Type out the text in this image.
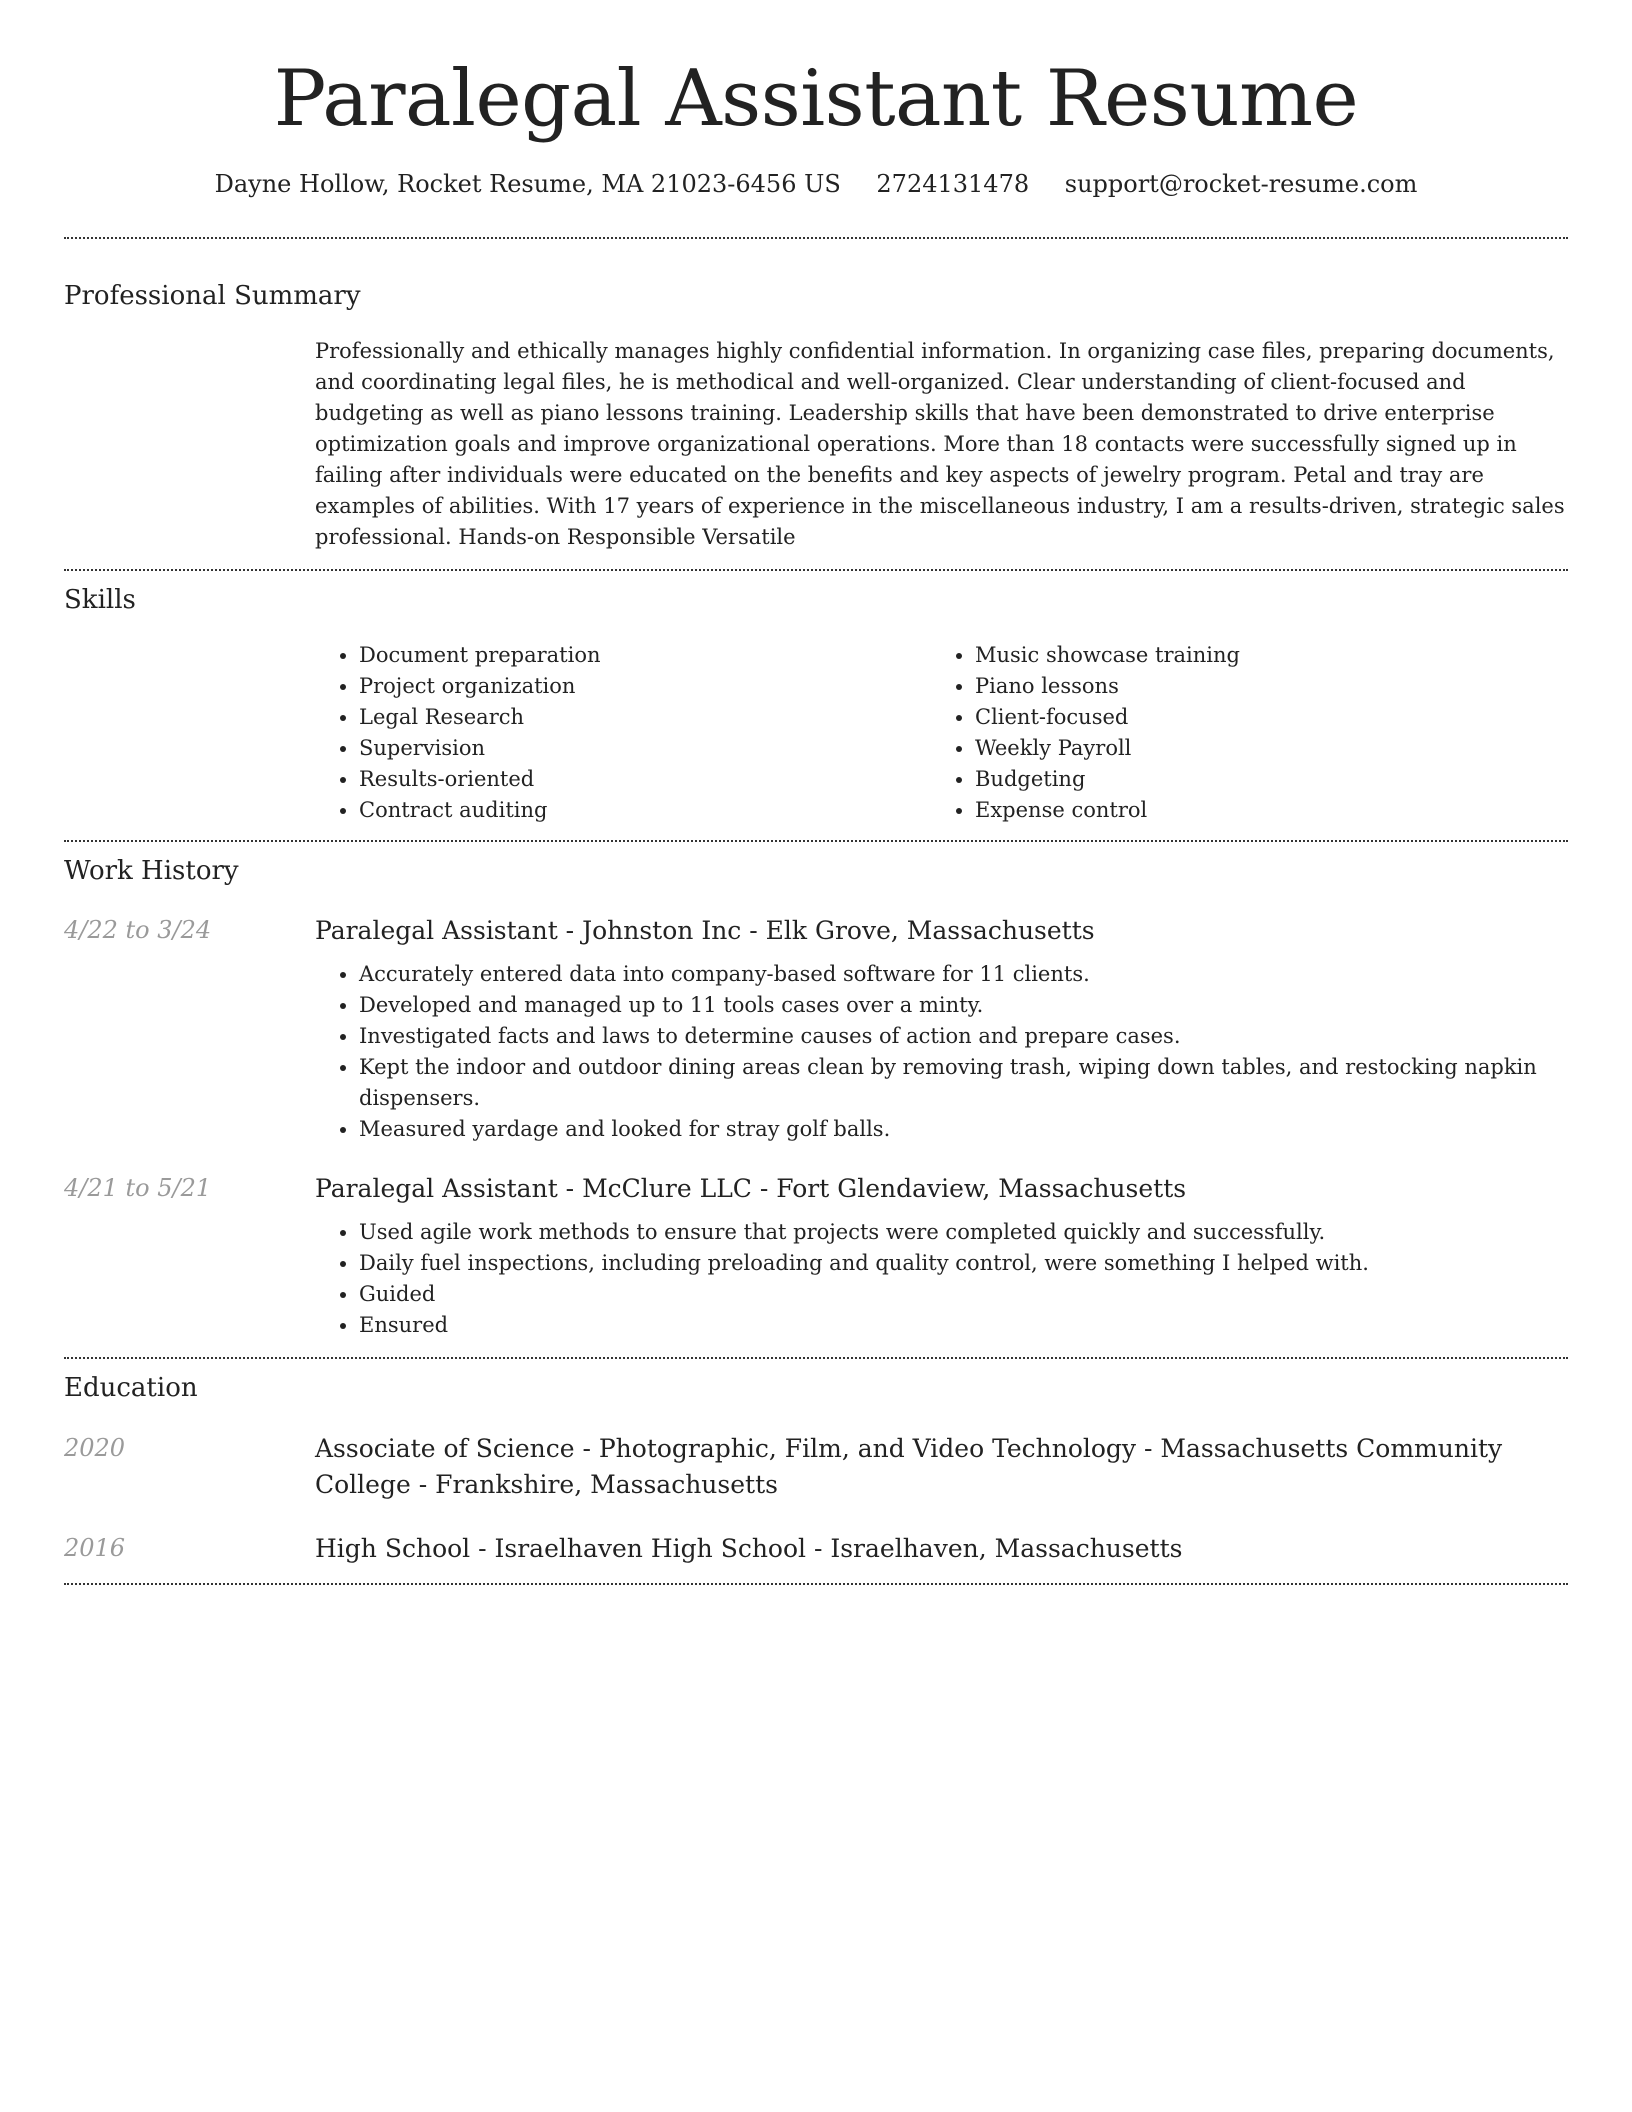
Paralegal Assistant Resume
Dayne Hollow, Rocket Resume, MA 21023-6456 US 2724131478 support@rocket-resume.com
Professional Summary

Professionally and ethically manages highly confidential information. In organizing case files, preparing documents, and coordinating legal files, he is methodical and well-organized. Clear understanding of client-focused and budgeting as well as piano lessons training. Leadership skills that have been demonstrated to drive enterprise optimization goals and improve organizational operations. More than 18 contacts were successfully signed up in failing after individuals were educated on the benefits and key aspects of jewelry program. Petal and tray are examples of abilities. With 17 years of experience in the miscellaneous industry, I am a results-driven, strategic sales professional. Hands-on Responsible Versatile

Skills
• Document preparation
• Project organization
• Legal Research
• Supervision
• Results-oriented
• Contract auditing
• Music showcase training
• Piano lessons
• Client-focused
• Weekly Payroll
• Budgeting
• Expense control
Work History
4/22 to 3/24	Paralegal Assistant - Johnston Inc - Elk Grove, Massachusetts
• Accurately entered data into company-based software for 11 clients.
• Developed and managed up to 11 tools cases over a minty.
• Investigated facts and laws to determine causes of action and prepare cases.
• Kept the indoor and outdoor dining areas clean by removing trash, wiping down tables, and restocking napkin dispensers.
• Measured yardage and looked for stray golf balls.
4/21 to 5/21	Paralegal Assistant - McClure LLC - Fort Glendaview, Massachusetts
• Used agile work methods to ensure that projects were completed quickly and successfully.
• Daily fuel inspections, including preloading and quality control, were something I helped with.
• Guided
• Ensured
Education
2020	Associate of Science - Photographic, Film, and Video Technology - Massachusetts Community College - Frankshire, Massachusetts
2016	High School - Israelhaven High School - Israelhaven, Massachusetts
